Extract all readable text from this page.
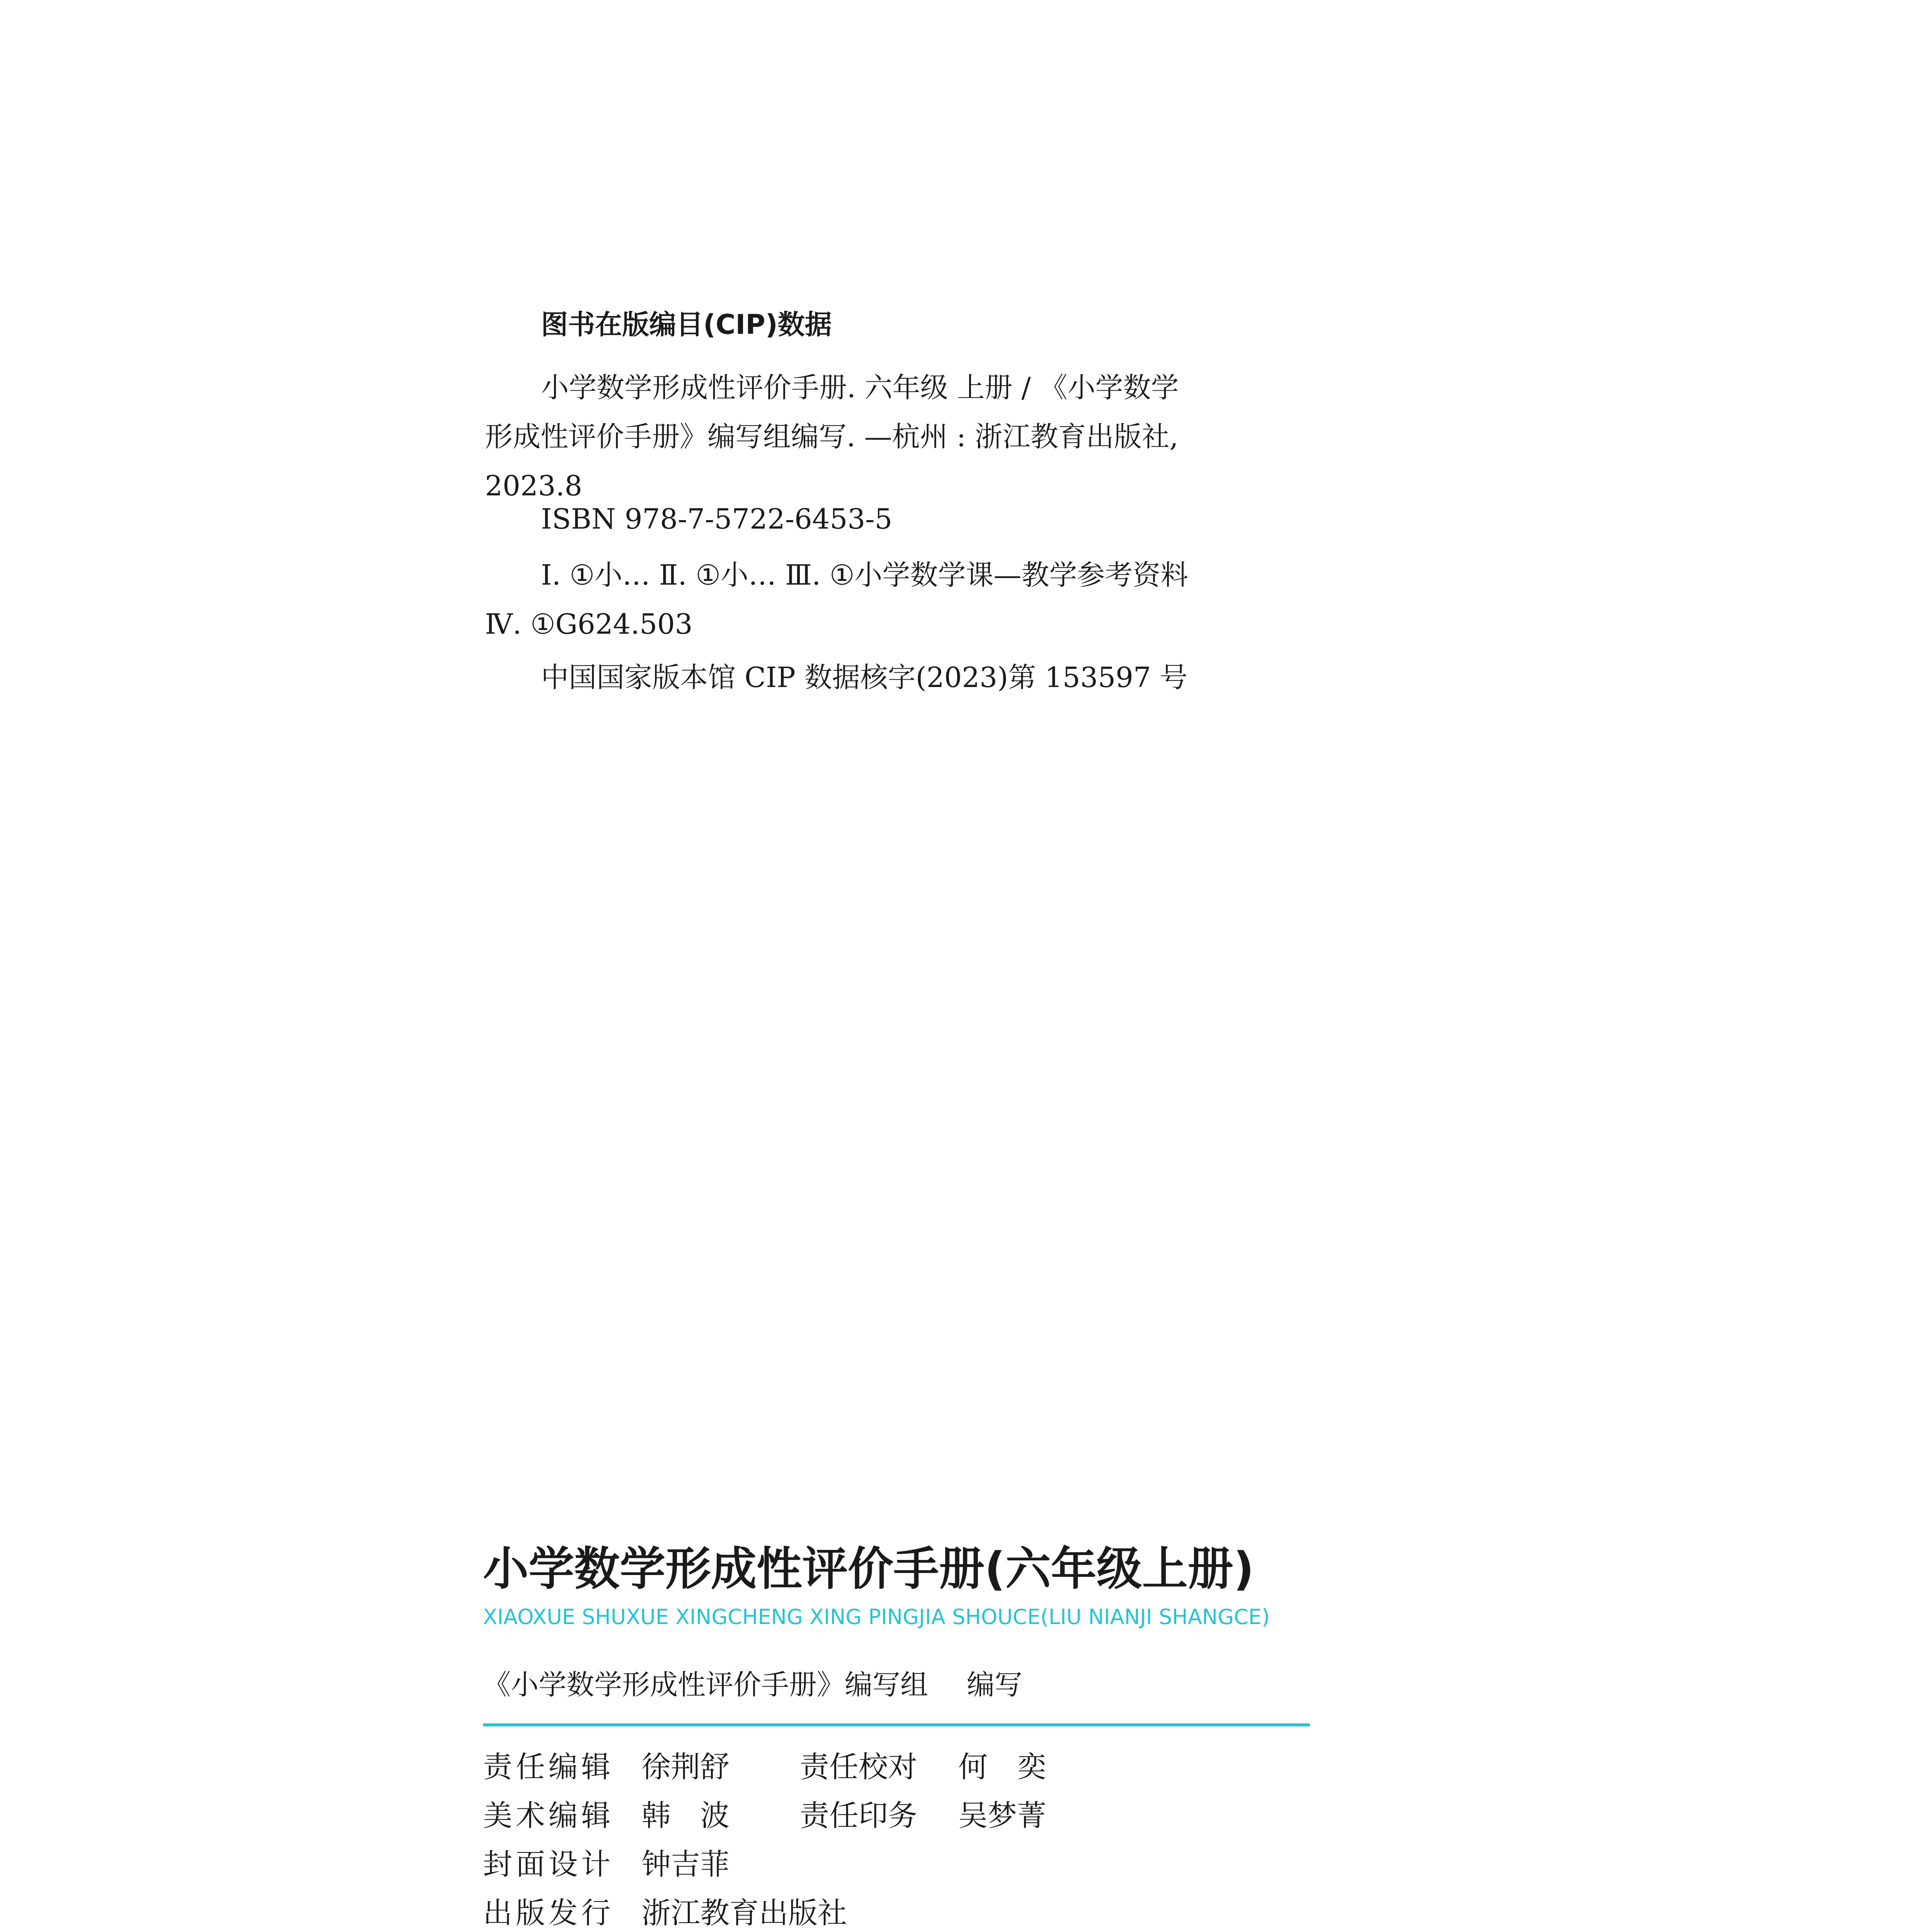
图书在版编目(CIP)数据
小学数学形成性评价手册. 六年级 上册 / 《小学数学形成性评价手册》编写组编写. —杭州 : 浙江教育出版社, 2023.8
ISBN 978-7-5722-6453-5
Ⅰ. ①小… Ⅱ. ①小… Ⅲ. ①小学数学课—教学参考资料 Ⅳ. ①G624.503
中国国家版本馆 CIP 数据核字(2023)第 153597 号
小学数学形成性评价手册(六年级上册)
XIAOXUE SHUXUE XINGCHENG XING PINGJIA SHOUCE(LIU NIANJI SHANGCE)
《小学数学形成性评价手册》编写组 编写
责任编辑 徐荆舒 责任校对 何　奕
美术编辑 韩　波 责任印务 吴梦菁
封面设计 钟吉菲
出版发行 浙江教育出版社
